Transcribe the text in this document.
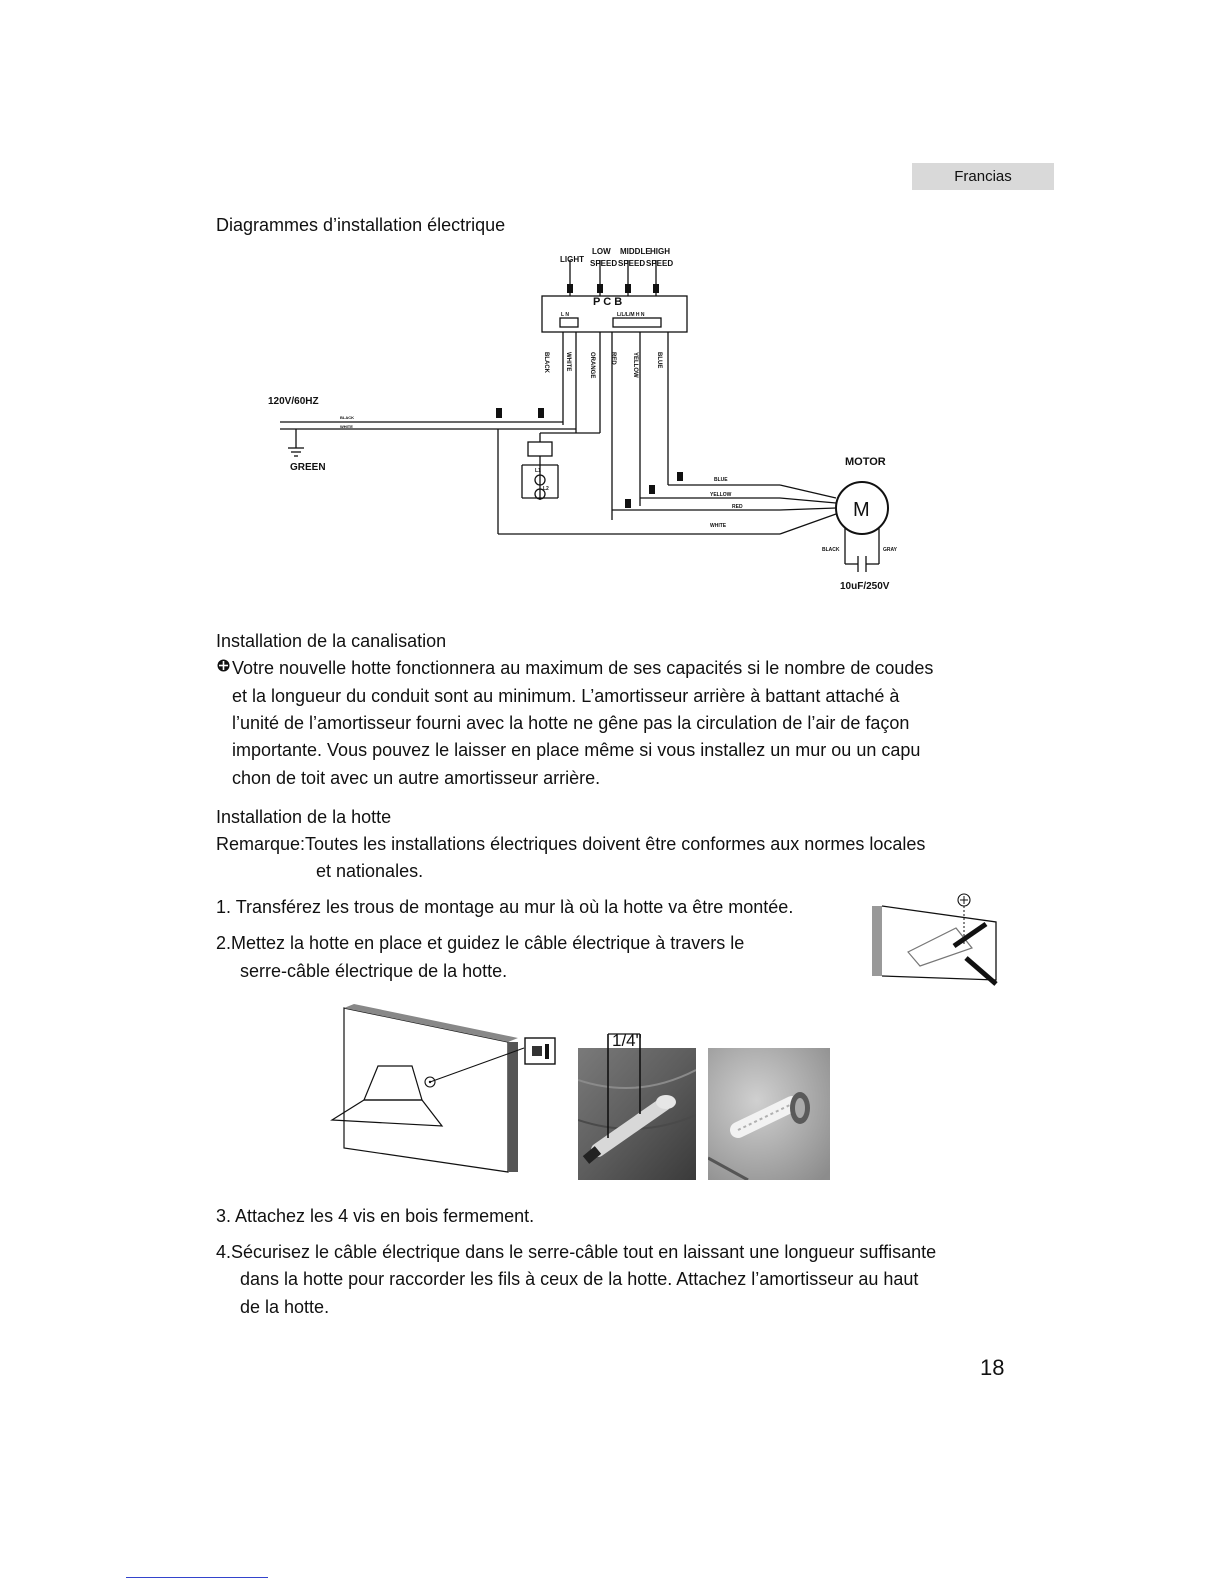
Francias
Diagrammes d’installation électrique
LIGHT
LOW
SPEED
MIDDLE
SPEED
HIGH
SPEED
P C B
L N	L/L/L/M H N
BLACK	WHITE	ORANGE	RED	YELLOW	BLUE
120V/60HZ
BLACK
WHITE
GREEN	L1
L2
MOTOR
M
BLUE
YELLOW
RED
WHITE
BLACK	GRAY
10uF/250V
Installation de la canalisation
Votre nouvelle hotte fonctionnera au maximum de ses capacités si le nombre de coudes
et la longueur du conduit sont au minimum. L’amortisseur arrière à battant attaché à
l’unité de l’amortisseur fourni avec la hotte ne gêne pas la circulation de l’air de façon
importante. Vous pouvez le laisser en place même si vous installez un mur ou un capu
chon de toit avec un autre amortisseur arrière.
Installation de la hotte
Remarque:Toutes les installations électriques doivent être conformes aux normes locales
et nationales.
1. Transférez les trous de montage au mur là où la hotte va être montée.
2.Mettez la hotte en place et guidez le câble électrique à travers le
serre-câble électrique de la hotte.
1/4"
3. Attachez les 4 vis en bois fermement.
4.Sécurisez le câble électrique dans le serre-câble tout en laissant une longueur suffisante
dans la hotte pour raccorder les fils à ceux de la hotte. Attachez l’amortisseur au haut
de la hotte.
18
